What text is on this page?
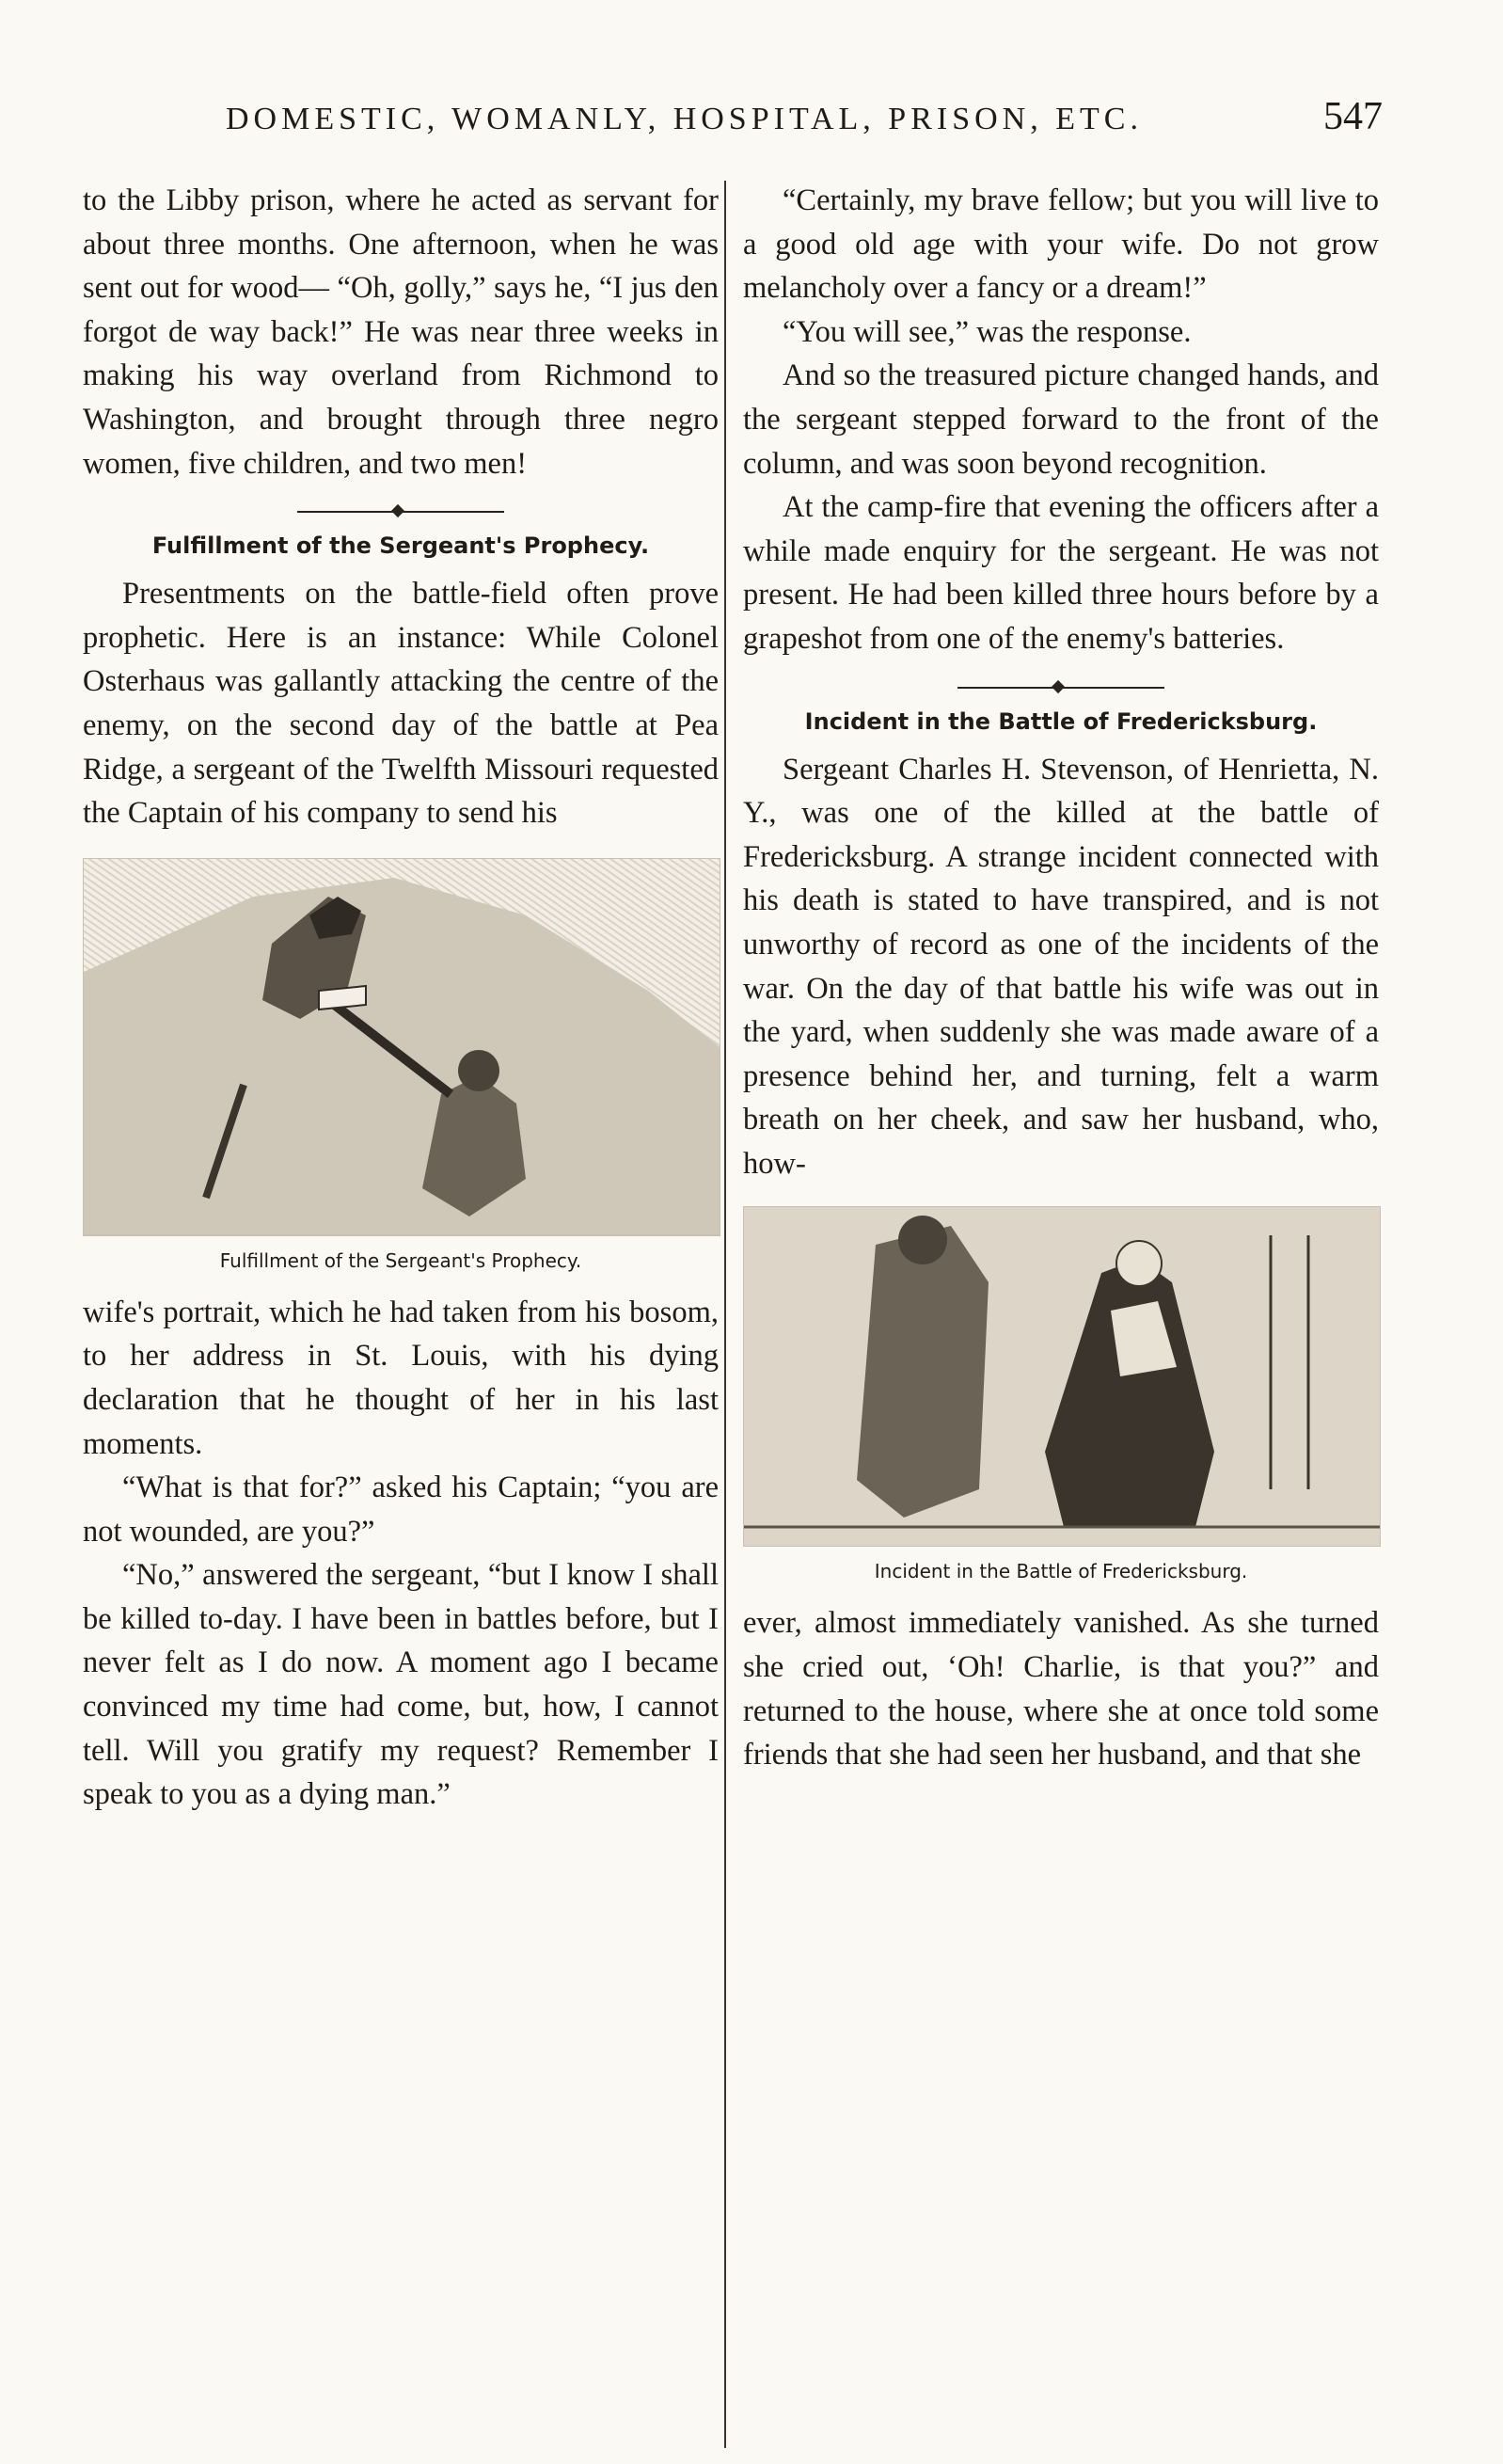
DOMESTIC, WOMANLY, HOSPITAL, PRISON, ETC.	547

to the Libby prison, where he acted as servant for about three months. One afternoon, when he was sent out for wood— “Oh, golly,” says he, “I jus den forgot de way back!” He was near three weeks in making his way overland from Richmond to Washington, and brought through three negro women, five children, and two men!

Fulfillment of the Sergeant's Prophecy.

Presentments on the battle-field often prove prophetic. Here is an instance: While Colonel Osterhaus was gallantly attacking the centre of the enemy, on the second day of the battle at Pea Ridge, a sergeant of the Twelfth Missouri requested the Captain of his company to send his

Fulfillment of the Sergeant's Prophecy.

wife's portrait, which he had taken from his bosom, to her address in St. Louis, with his dying declaration that he thought of her in his last moments.

“What is that for?” asked his Captain; “you are not wounded, are you?”

“No,” answered the sergeant, “but I know I shall be killed to-day. I have been in battles before, but I never felt as I do now. A moment ago I became convinced my time had come, but, how, I cannot tell. Will you gratify my request? Remember I speak to you as a dying man.”

“Certainly, my brave fellow; but you will live to a good old age with your wife. Do not grow melancholy over a fancy or a dream!”

“You will see,” was the response.

And so the treasured picture changed hands, and the sergeant stepped forward to the front of the column, and was soon beyond recognition.

At the camp-fire that evening the officers after a while made enquiry for the sergeant. He was not present. He had been killed three hours before by a grapeshot from one of the enemy's batteries.

Incident in the Battle of Fredericksburg.

Sergeant Charles H. Stevenson, of Henrietta, N. Y., was one of the killed at the battle of Fredericksburg. A strange incident connected with his death is stated to have transpired, and is not unworthy of record as one of the incidents of the war. On the day of that battle his wife was out in the yard, when suddenly she was made aware of a presence behind her, and turning, felt a warm breath on her cheek, and saw her husband, who, how-

Incident in the Battle of Fredericksburg.

ever, almost immediately vanished. As she turned she cried out, ‘Oh! Charlie, is that you?” and returned to the house, where she at once told some friends that she had seen her husband, and that she
